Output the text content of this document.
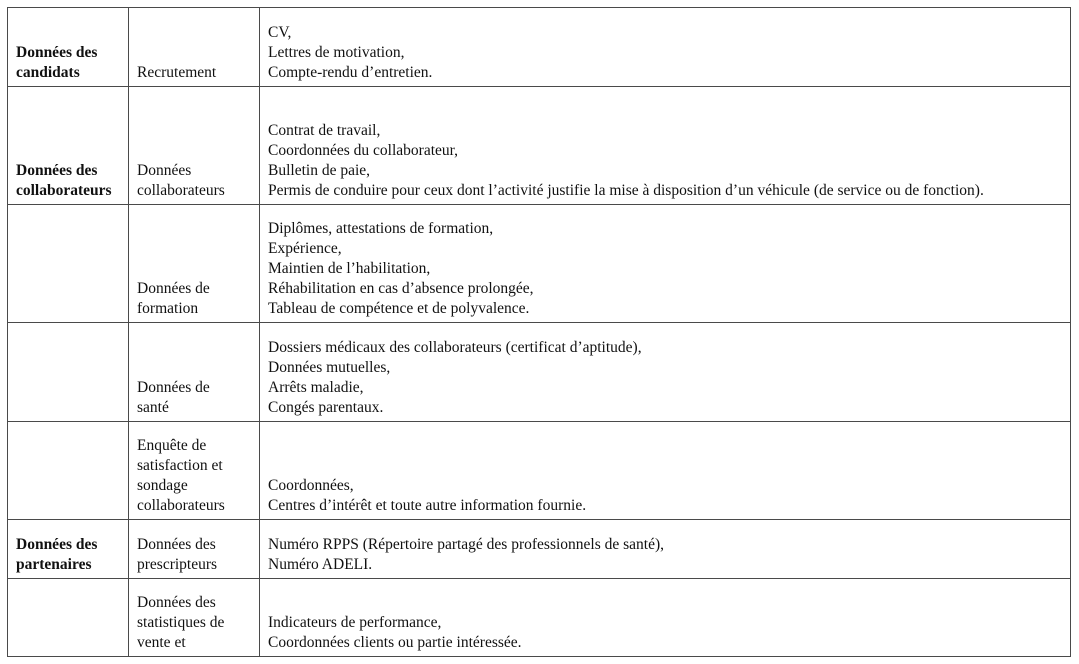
Données des
candidats	Recrutement	CV,
Lettres de motivation,
Compte-rendu d’entretien.

Données des
collaborateurs	Données
collaborateurs	Contrat de travail,
Coordonnées du collaborateur,
Bulletin de paie,
Permis de conduire pour ceux dont l’activité justifie la mise à disposition d’un véhicule (de service ou de fonction).

	Données de
formation	Diplômes, attestations de formation,
Expérience,
Maintien de l’habilitation,
Réhabilitation en cas d’absence prolongée,
Tableau de compétence et de polyvalence.

	Données de
santé	Dossiers médicaux des collaborateurs (certificat d’aptitude),
Données mutuelles,
Arrêts maladie,
Congés parentaux.

	Enquête de
satisfaction et
sondage
collaborateurs	Coordonnées,
Centres d’intérêt et toute autre information fournie.

Données des
partenaires	Données des
prescripteurs	Numéro RPPS (Répertoire partagé des professionnels de santé),
Numéro ADELI.

	Données des
statistiques de
vente et	Indicateurs de performance,
Coordonnées clients ou partie intéressée.
